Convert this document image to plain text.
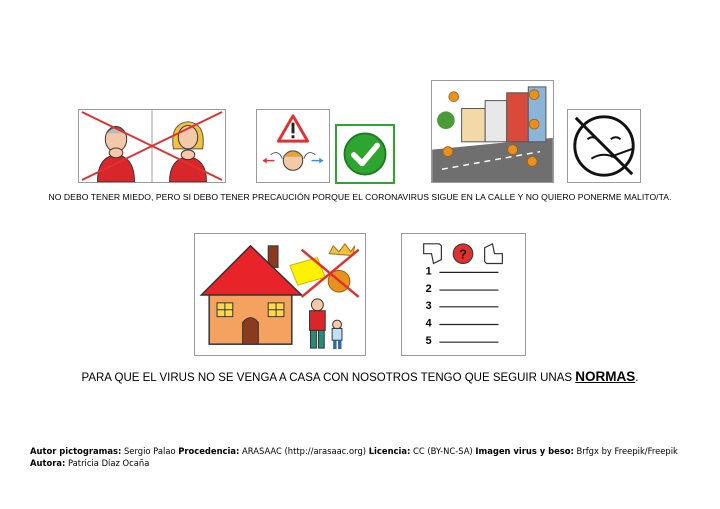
NO DEBO TENER MIEDO, PERO SI DEBO TENER PRECAUCIÓN PORQUE EL CORONAVIRUS SIGUE EN LA CALLE Y NO QUIERO PONERME MALITO/TA.
?
1
2
3
4
5
PARA QUE EL VIRUS NO SE VENGA A CASA CON NOSOTROS TENGO QUE SEGUIR UNAS NORMAS.
Autor pictogramas: Sergio Palao Procedencia: ARASAAC (http://arasaac.org) Licencia: CC (BY-NC-SA) Imagen virus y beso: Brfgx by Freepik/Freepik
Autora: Patricia Díaz Ocaña
